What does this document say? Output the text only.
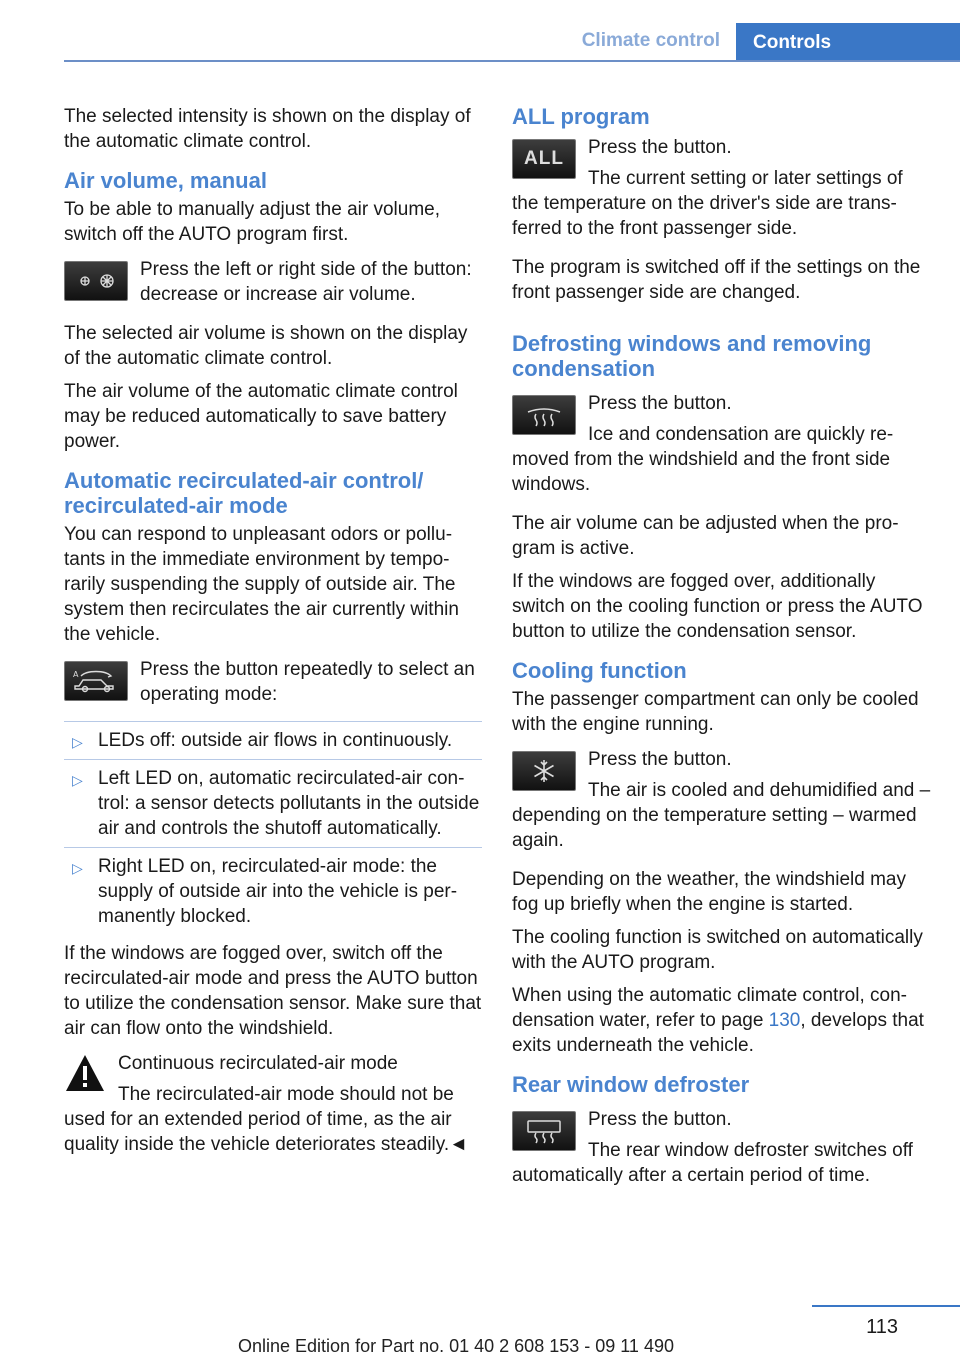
Climate control	Controls

The selected intensity is shown on the display of the automatic climate control.

Air volume, manual

To be able to manually adjust the air volume, switch off the AUTO program first.

Press the left or right side of the button: decrease or increase air volume.

The selected air volume is shown on the display of the automatic climate control.

The air volume of the automatic climate control may be reduced automatically to save battery power.

Automatic recirculated-air control/ recirculated-air mode

You can respond to unpleasant odors or pollutants in the immediate environment by temporarily suspending the supply of outside air. The system then recirculates the air currently within the vehicle.

A	Press the button repeatedly to select an operating mode:

▷ LEDs off: outside air flows in continuously.
▷ Left LED on, automatic recirculated-air control: a sensor detects pollutants in the outside air and controls the shutoff automatically.
▷ Right LED on, recirculated-air mode: the supply of outside air into the vehicle is permanently blocked.

If the windows are fogged over, switch off the recirculated-air mode and press the AUTO button to utilize the condensation sensor. Make sure that air can flow onto the windshield.

Continuous recirculated-air mode

The recirculated-air mode should not be used for an extended period of time, as the air quality inside the vehicle deteriorates steadily.◄

ALL program
ALL

Press the button.

The current setting or later settings of the temperature on the driver's side are transferred to the front passenger side.

The program is switched off if the settings on the front passenger side are changed.

Defrosting windows and removing condensation

Press the button.

Ice and condensation are quickly removed from the windshield and the front side windows.

The air volume can be adjusted when the program is active.

If the windows are fogged over, additionally switch on the cooling function or press the AUTO button to utilize the condensation sensor.

Cooling function

The passenger compartment can only be cooled with the engine running.

Press the button.

The air is cooled and dehumidified and – depending on the temperature setting – warmed again.

Depending on the weather, the windshield may fog up briefly when the engine is started.

The cooling function is switched on automatically with the AUTO program.

When using the automatic climate control, condensation water, refer to page 130, develops that exits underneath the vehicle.

Rear window defroster

Press the button.

The rear window defroster switches off automatically after a certain period of time.

113
Online Edition for Part no. 01 40 2 608 153 - 09 11 490
